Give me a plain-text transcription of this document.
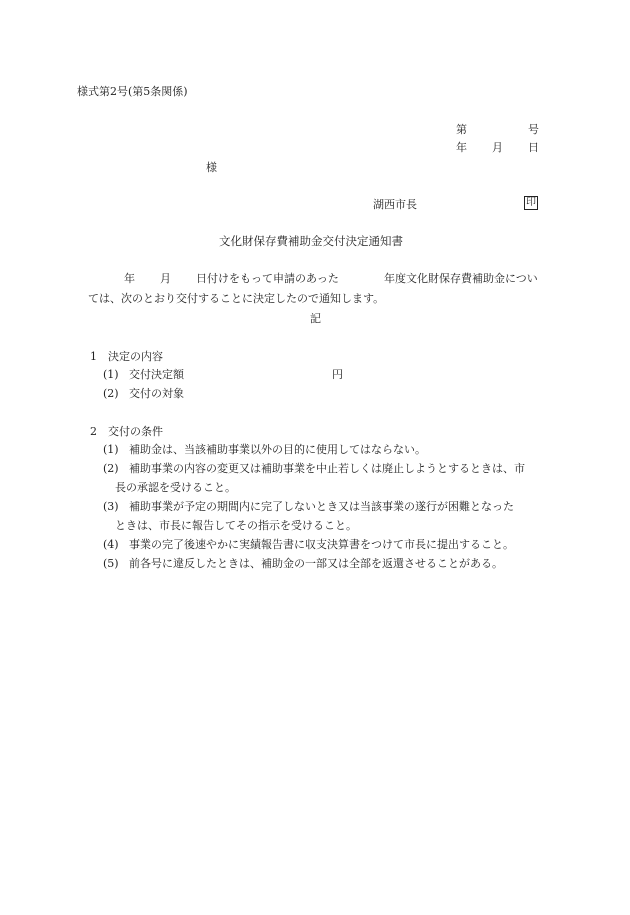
様式第2号(第5条関係)

第	号

年 月 日

様

湖西市長	印

文化財保存費補助金交付決定通知書

年 月 日付けをもって申請のあった	年度文化財保存費補助金につい

ては、次のとおり交付することに決定したので通知します。

記

1　決定の内容

(1) 交付決定額	円

(2) 交付の対象

2　交付の条件

(1) 補助金は、当該補助事業以外の目的に使用してはならない。

(2) 補助事業の内容の変更又は補助事業を中止若しくは廃止しようとするときは、市

長の承認を受けること。

(3) 補助事業が予定の期間内に完了しないとき又は当該事業の遂行が困難となった

ときは、市長に報告してその指示を受けること。

(4) 事業の完了後速やかに実績報告書に収支決算書をつけて市長に提出すること。

(5) 前各号に違反したときは、補助金の一部又は全部を返還させることがある。
